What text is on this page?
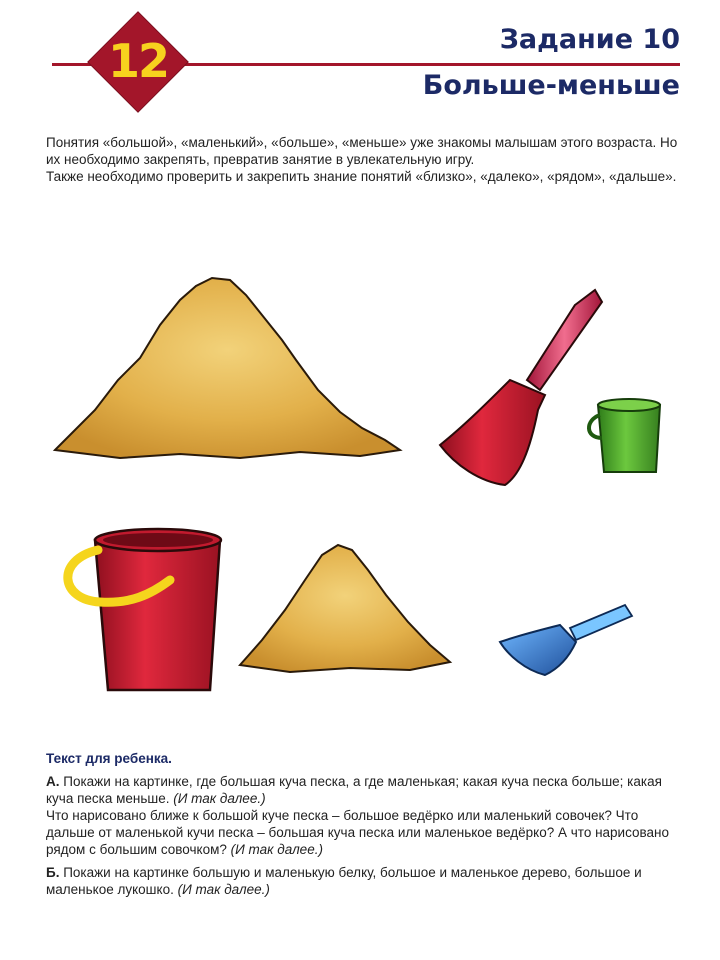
12	Задание 10
Больше-меньше

Понятия «большой», «маленький», «больше», «меньше» уже знакомы малышам этого возраста. Но их необходимо закрепять, превратив занятие в увлекательную игру.

Также необходимо проверить и закрепить знание понятий «близко», «далеко», «рядом», «дальше».

Текст для ребенка.

А. Покажи на картинке, где большая куча песка, а где маленькая; какая куча песка больше; какая куча песка меньше. (И так далее.)

Что нарисовано ближе к большой куче песка – большое ведёрко или маленький совочек? Что дальше от маленькой кучи песка – большая куча песка или маленькое ведёрко? А что нарисовано рядом с большим совочком? (И так далее.)

Б. Покажи на картинке большую и маленькую белку, большое и маленькое дерево, большое и маленькое лукошко. (И так далее.)
